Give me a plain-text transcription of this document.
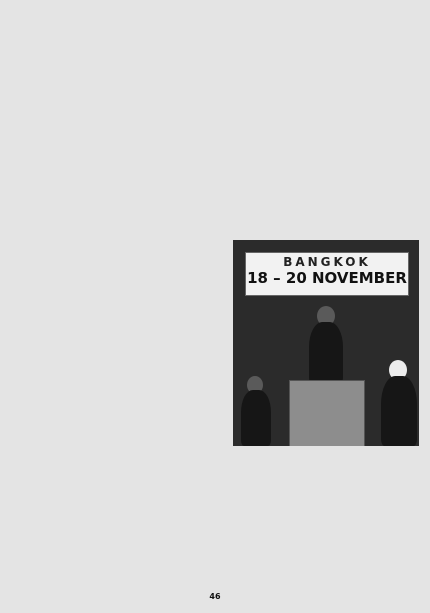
BANGKOK
18 – 20 NOVEMBER
46
